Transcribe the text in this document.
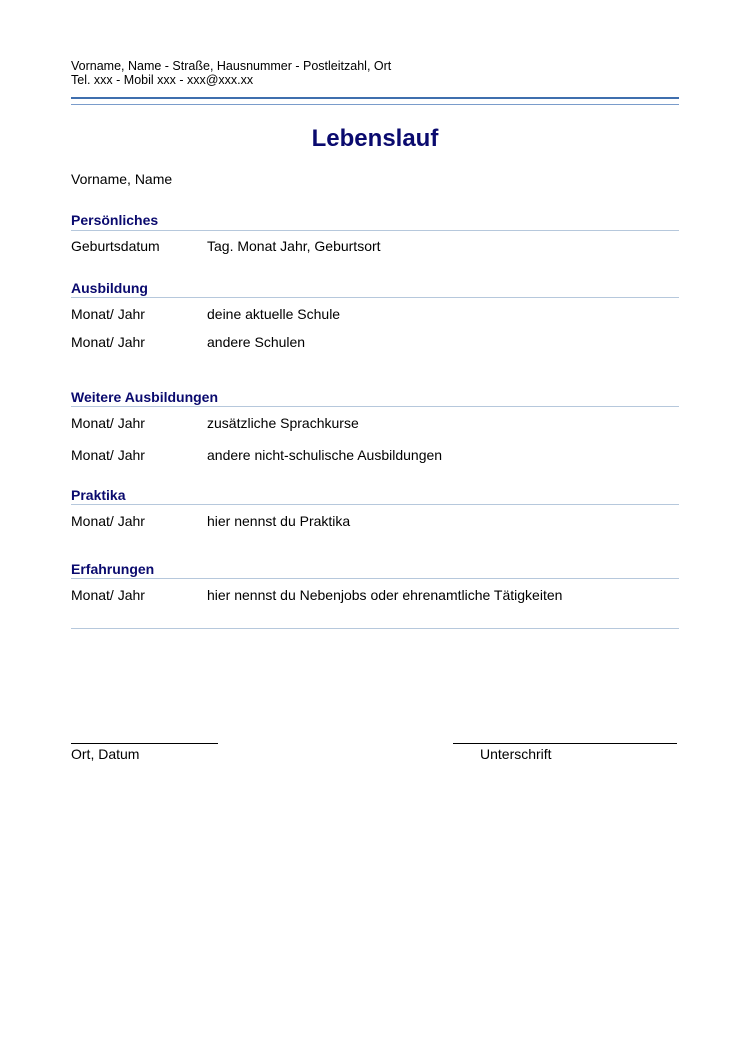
Vorname, Name - Straße, Hausnummer - Postleitzahl, Ort
Tel. xxx - Mobil xxx - xxx@xxx.xx
Lebenslauf
Vorname, Name
Persönliches
Geburtsdatum	Tag. Monat Jahr, Geburtsort
Ausbildung
Monat/ Jahr	deine aktuelle Schule
Monat/ Jahr	andere Schulen
Weitere Ausbildungen
Monat/ Jahr	zusätzliche Sprachkurse
Monat/ Jahr	andere nicht-schulische Ausbildungen
Praktika
Monat/ Jahr	hier nennst du Praktika
Erfahrungen
Monat/ Jahr	hier nennst du Nebenjobs oder ehrenamtliche Tätigkeiten
Ort, Datum	Unterschrift
